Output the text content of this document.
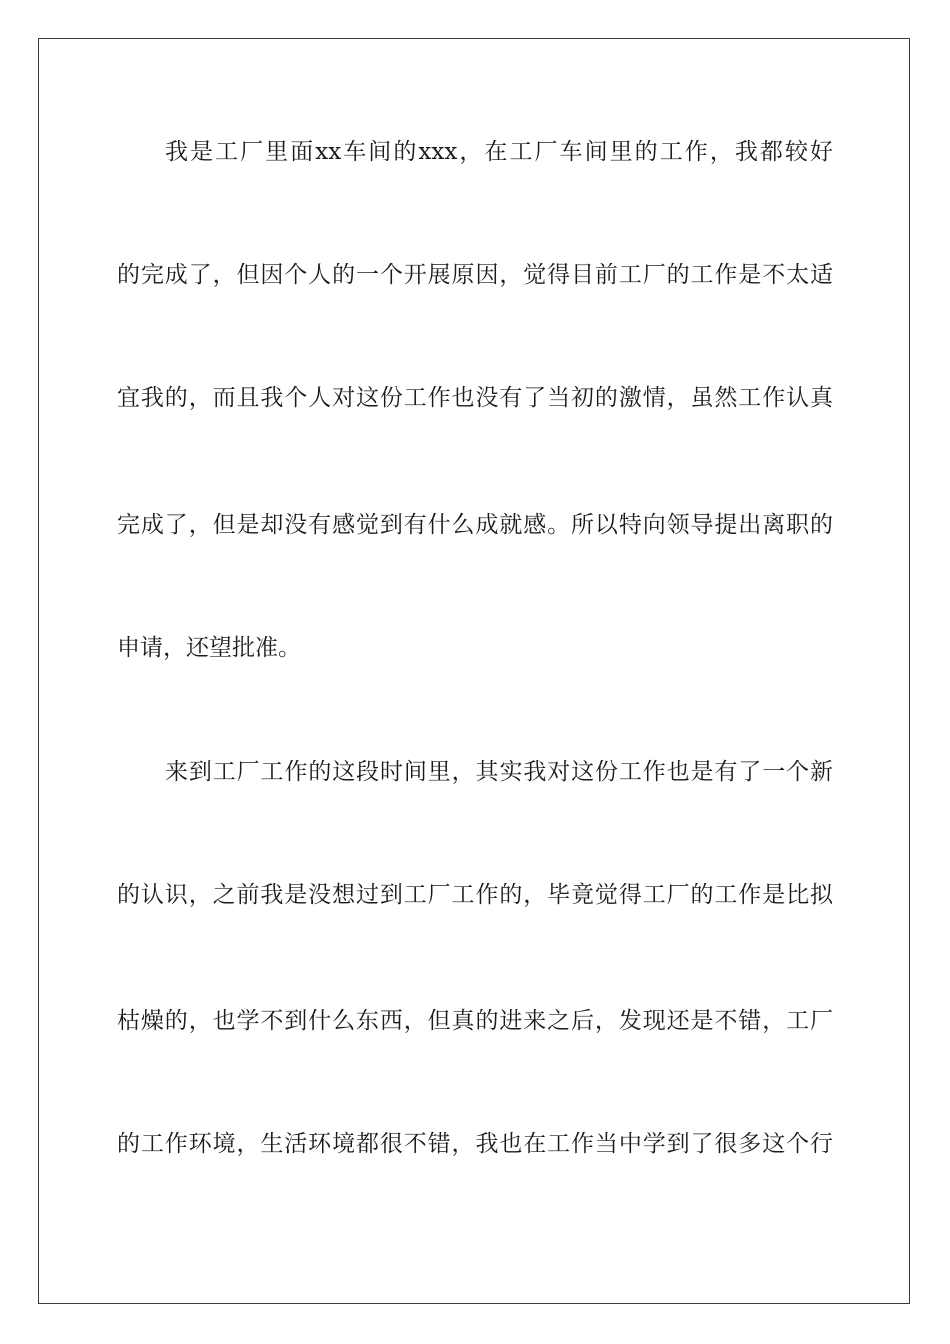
我是工厂里面xx车间的xxx，在工厂车间里的工作，我都较好
的完成了，但因个人的一个开展原因，觉得目前工厂的工作是不太适
宜我的，而且我个人对这份工作也没有了当初的激情，虽然工作认真
完成了，但是却没有感觉到有什么成就感。所以特向领导提出离职的
申请，还望批准。
来到工厂工作的这段时间里，其实我对这份工作也是有了一个新
的认识，之前我是没想过到工厂工作的，毕竟觉得工厂的工作是比拟
枯燥的，也学不到什么东西，但真的进来之后，发现还是不错，工厂
的工作环境，生活环境都很不错，我也在工作当中学到了很多这个行
